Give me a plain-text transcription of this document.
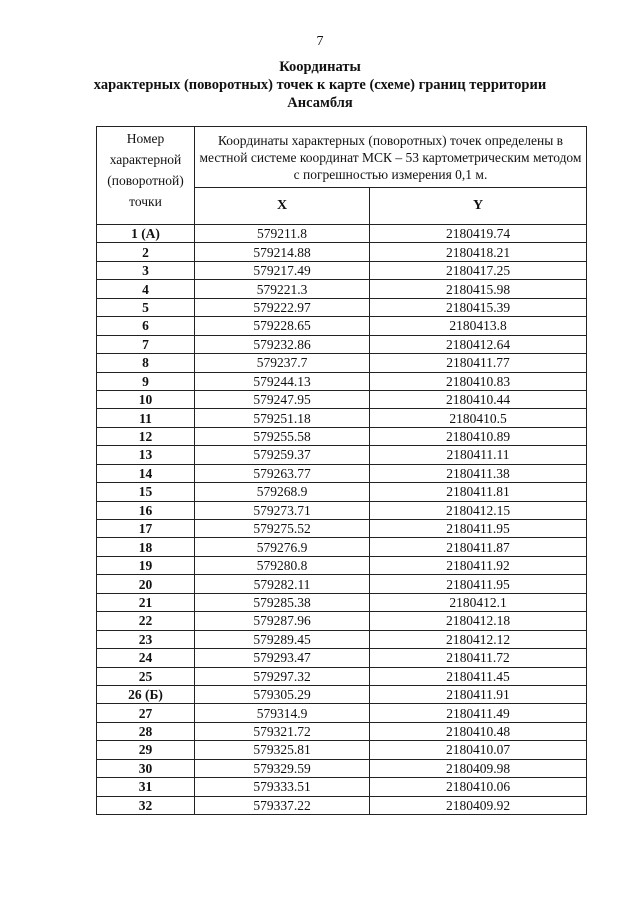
7
Координаты
характерных (поворотных) точек к карте (схеме) границ территории
Ансамбля
Номер характерной (поворотной) точки	Координаты характерных (поворотных) точек определены в местной системе координат МСК – 53 картометрическим методом с погрешностью измерения 0,1 м.	
	X	Y
1 (А)	579211.8	2180419.74
2	579214.88	2180418.21
3	579217.49	2180417.25
4	579221.3	2180415.98
5	579222.97	2180415.39
6	579228.65	2180413.8
7	579232.86	2180412.64
8	579237.7	2180411.77
9	579244.13	2180410.83
10	579247.95	2180410.44
11	579251.18	2180410.5
12	579255.58	2180410.89
13	579259.37	2180411.11
14	579263.77	2180411.38
15	579268.9	2180411.81
16	579273.71	2180412.15
17	579275.52	2180411.95
18	579276.9	2180411.87
19	579280.8	2180411.92
20	579282.11	2180411.95
21	579285.38	2180412.1
22	579287.96	2180412.18
23	579289.45	2180412.12
24	579293.47	2180411.72
25	579297.32	2180411.45
26 (Б)	579305.29	2180411.91
27	579314.9	2180411.49
28	579321.72	2180410.48
29	579325.81	2180410.07
30	579329.59	2180409.98
31	579333.51	2180410.06
32	579337.22	2180409.92
